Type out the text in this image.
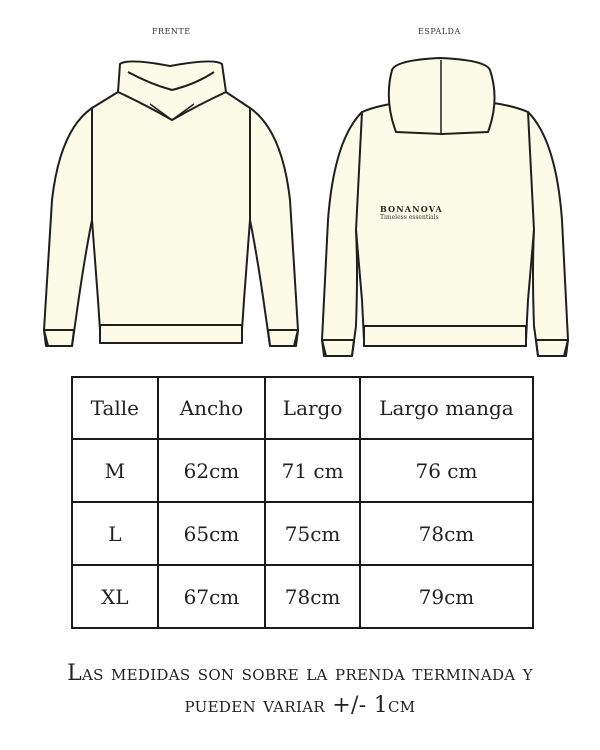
FRENTE	ESPALDA
BONANOVA
Timeless essentials
Talle	Ancho	Largo	Largo manga
M	62cm	71 cm	76 cm
L	65cm	75cm	78cm
XL	67cm	78cm	79cm
Las medidas son sobre la prenda terminada y
pueden variar +/- 1cm
